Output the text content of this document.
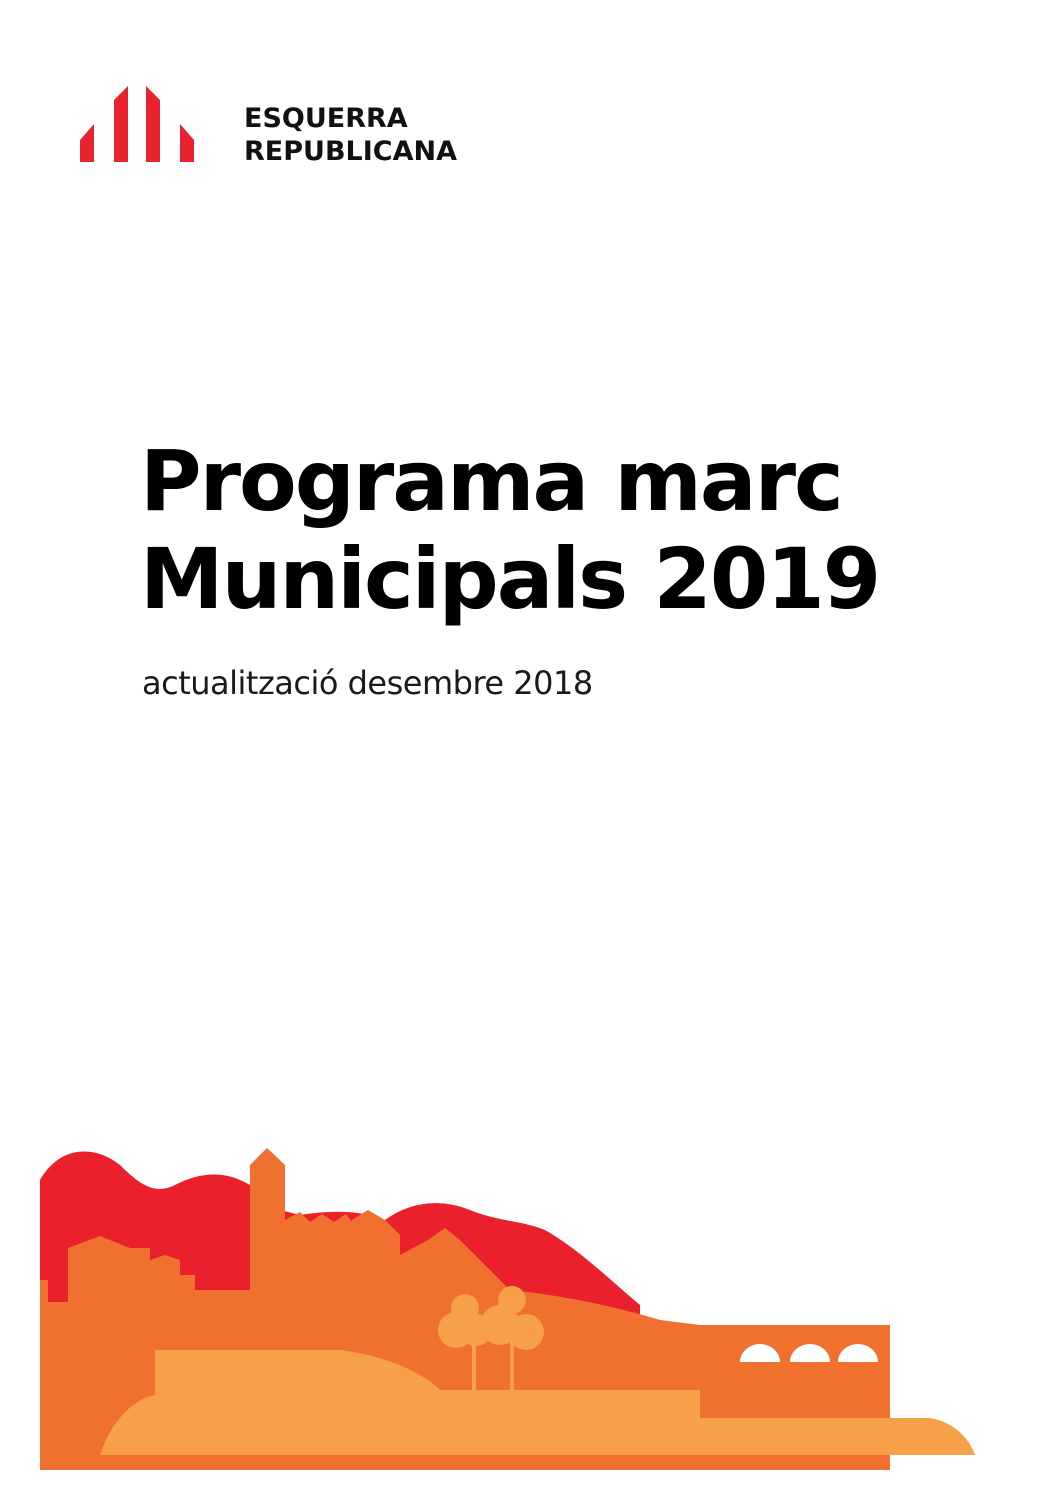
ESQUERRA
REPUBLICANA
Programa marc
Municipals 2019
actualització desembre 2018
